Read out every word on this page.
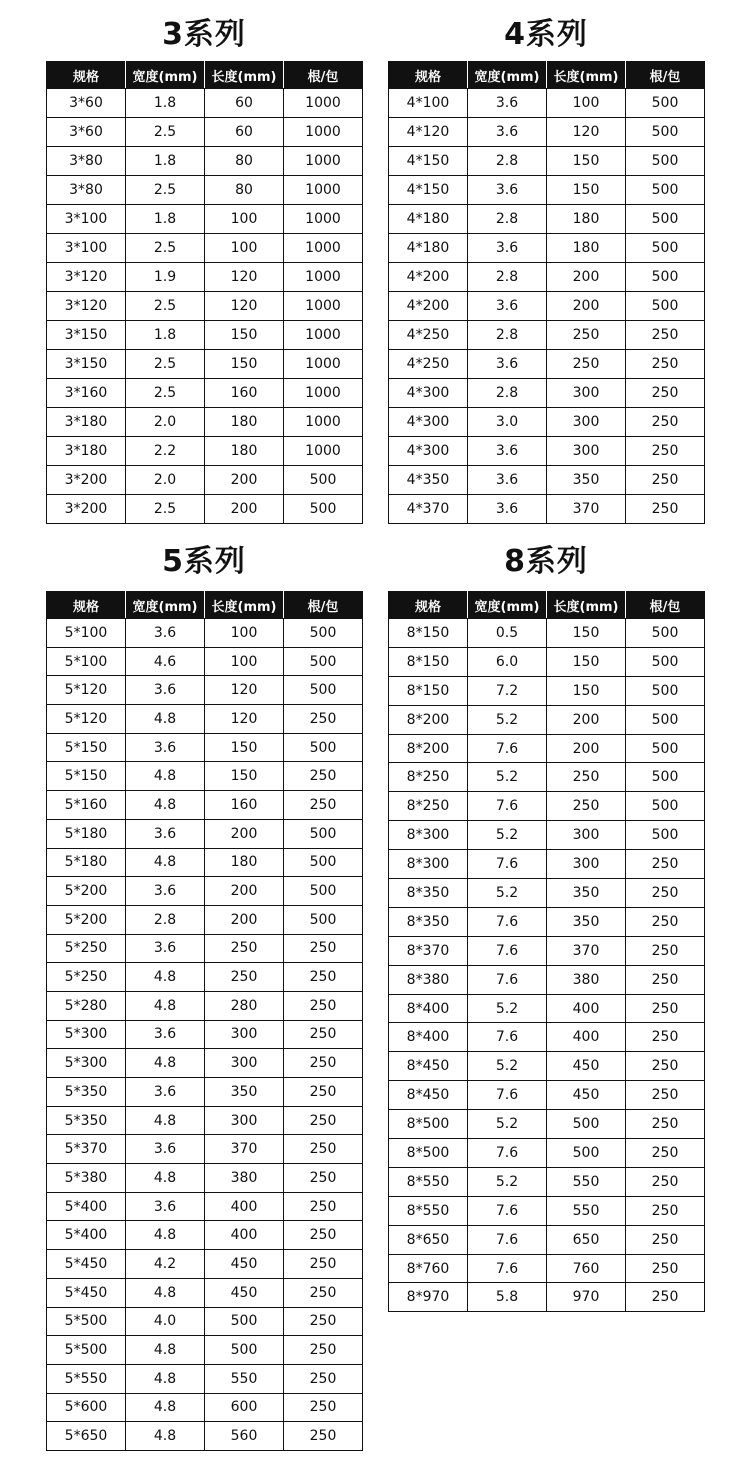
3系列
规格	宽度(mm)	长度(mm)	根/包
3*60	1.8	60	1000
3*60	2.5	60	1000
3*80	1.8	80	1000
3*80	2.5	80	1000
3*100	1.8	100	1000
3*100	2.5	100	1000
3*120	1.9	120	1000
3*120	2.5	120	1000
3*150	1.8	150	1000
3*150	2.5	150	1000
3*160	2.5	160	1000
3*180	2.0	180	1000
3*180	2.2	180	1000
3*200	2.0	200	500
3*200	2.5	200	500
4系列
规格	宽度(mm)	长度(mm)	根/包
4*100	3.6	100	500
4*120	3.6	120	500
4*150	2.8	150	500
4*150	3.6	150	500
4*180	2.8	180	500
4*180	3.6	180	500
4*200	2.8	200	500
4*200	3.6	200	500
4*250	2.8	250	250
4*250	3.6	250	250
4*300	2.8	300	250
4*300	3.0	300	250
4*300	3.6	300	250
4*350	3.6	350	250
4*370	3.6	370	250
5系列
规格	宽度(mm)	长度(mm)	根/包
5*100	3.6	100	500
5*100	4.6	100	500
5*120	3.6	120	500
5*120	4.8	120	250
5*150	3.6	150	500
5*150	4.8	150	250
5*160	4.8	160	250
5*180	3.6	200	500
5*180	4.8	180	500
5*200	3.6	200	500
5*200	2.8	200	500
5*250	3.6	250	250
5*250	4.8	250	250
5*280	4.8	280	250
5*300	3.6	300	250
5*300	4.8	300	250
5*350	3.6	350	250
5*350	4.8	300	250
5*370	3.6	370	250
5*380	4.8	380	250
5*400	3.6	400	250
5*400	4.8	400	250
5*450	4.2	450	250
5*450	4.8	450	250
5*500	4.0	500	250
5*500	4.8	500	250
5*550	4.8	550	250
5*600	4.8	600	250
5*650	4.8	560	250
8系列
规格	宽度(mm)	长度(mm)	根/包
8*150	0.5	150	500
8*150	6.0	150	500
8*150	7.2	150	500
8*200	5.2	200	500
8*200	7.6	200	500
8*250	5.2	250	500
8*250	7.6	250	500
8*300	5.2	300	500
8*300	7.6	300	250
8*350	5.2	350	250
8*350	7.6	350	250
8*370	7.6	370	250
8*380	7.6	380	250
8*400	5.2	400	250
8*400	7.6	400	250
8*450	5.2	450	250
8*450	7.6	450	250
8*500	5.2	500	250
8*500	7.6	500	250
8*550	5.2	550	250
8*550	7.6	550	250
8*650	7.6	650	250
8*760	7.6	760	250
8*970	5.8	970	250
